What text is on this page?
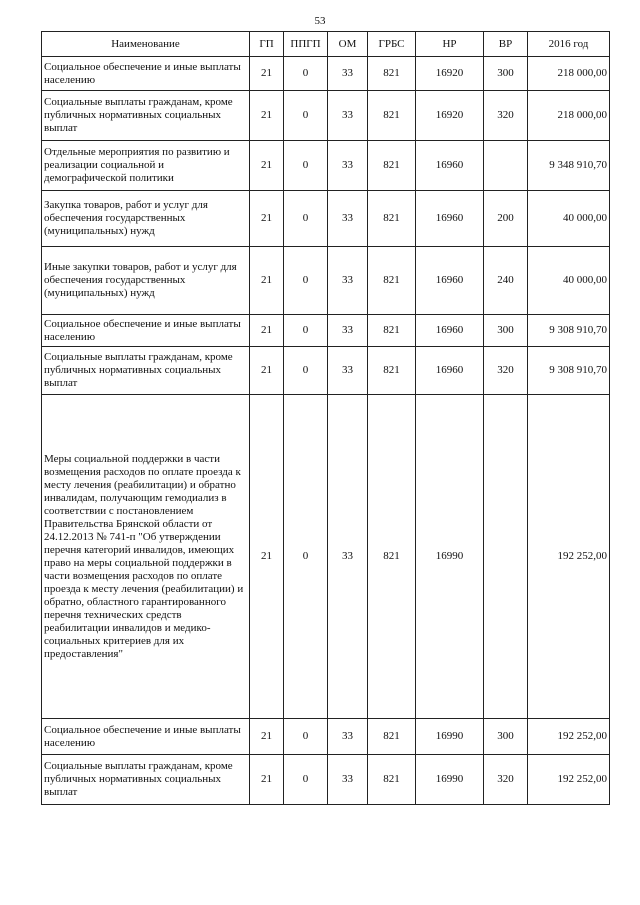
53
Наименование	ГП	ППГП	ОМ	ГРБС	НР	ВР	2016 год
Социальное обеспечение и иные выплаты населению	21	0	33	821	16920	300	218 000,00
Социальные выплаты гражданам, кроме публичных нормативных социальных выплат	21	0	33	821	16920	320	218 000,00
Отдельные мероприятия по развитию и реализации социальной и демографической политики	21	0	33	821	16960		9 348 910,70
Закупка товаров, работ и услуг для обеспечения государственных (муниципальных) нужд	21	0	33	821	16960	200	40 000,00
Иные закупки товаров, работ и услуг для обеспечения государственных (муниципальных) нужд	21	0	33	821	16960	240	40 000,00
Социальное обеспечение и иные выплаты населению	21	0	33	821	16960	300	9 308 910,70
Социальные выплаты гражданам, кроме публичных нормативных социальных выплат	21	0	33	821	16960	320	9 308 910,70
Меры социальной поддержки в части возмещения расходов по оплате проезда к месту лечения (реабилитации) и обратно инвалидам, получающим гемодиализ в соответствии с постановлением Правительства Брянской области от 24.12.2013 № 741-п "Об утверждении перечня категорий инвалидов, имеющих право на меры социальной поддержки в части возмещения расходов по оплате проезда к месту лечения (реабилитации) и обратно, областного гарантированного перечня технических средств реабилитации инвалидов и медико-социальных критериев для их предоставления"	21	0	33	821	16990		192 252,00
Социальное обеспечение и иные выплаты населению	21	0	33	821	16990	300	192 252,00
Социальные выплаты гражданам, кроме публичных нормативных социальных выплат	21	0	33	821	16990	320	192 252,00
